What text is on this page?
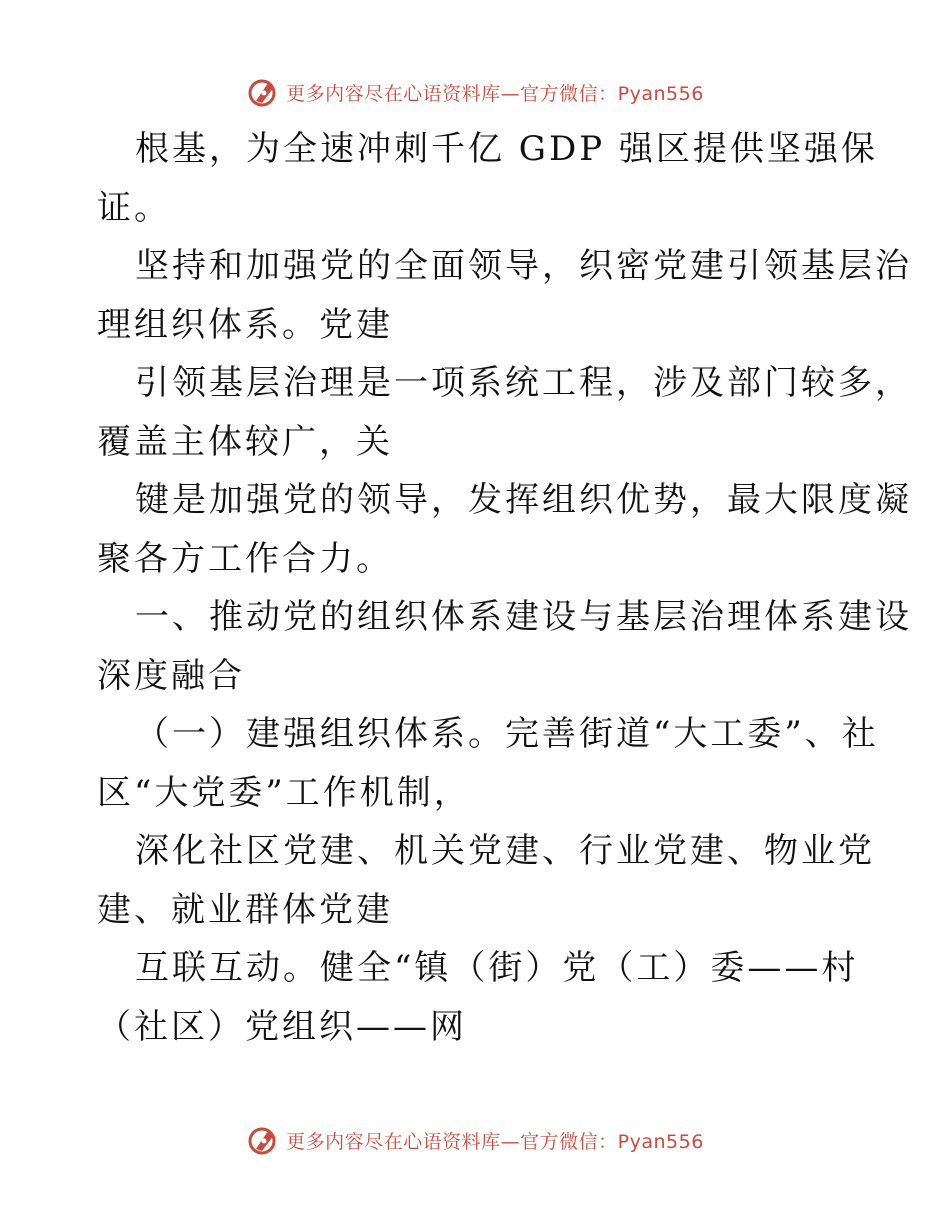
更多内容尽在心语资料库—官方微信：Pyan556
根基，为全速冲刺千亿 GDP 强区提供坚强保
证。
坚持和加强党的全面领导，织密党建引领基层治
理组织体系。党建
引领基层治理是一项系统工程，涉及部门较多，
覆盖主体较广，关
键是加强党的领导，发挥组织优势，最大限度凝
聚各方工作合力。
一、推动党的组织体系建设与基层治理体系建设
深度融合
（一）建强组织体系。完善街道“大工委”、社
区“大党委”工作机制，
深化社区党建、机关党建、行业党建、物业党
建、就业群体党建
互联互动。健全“镇（街）党（工）委——村
（社区）党组织——网
更多内容尽在心语资料库—官方微信：Pyan556
